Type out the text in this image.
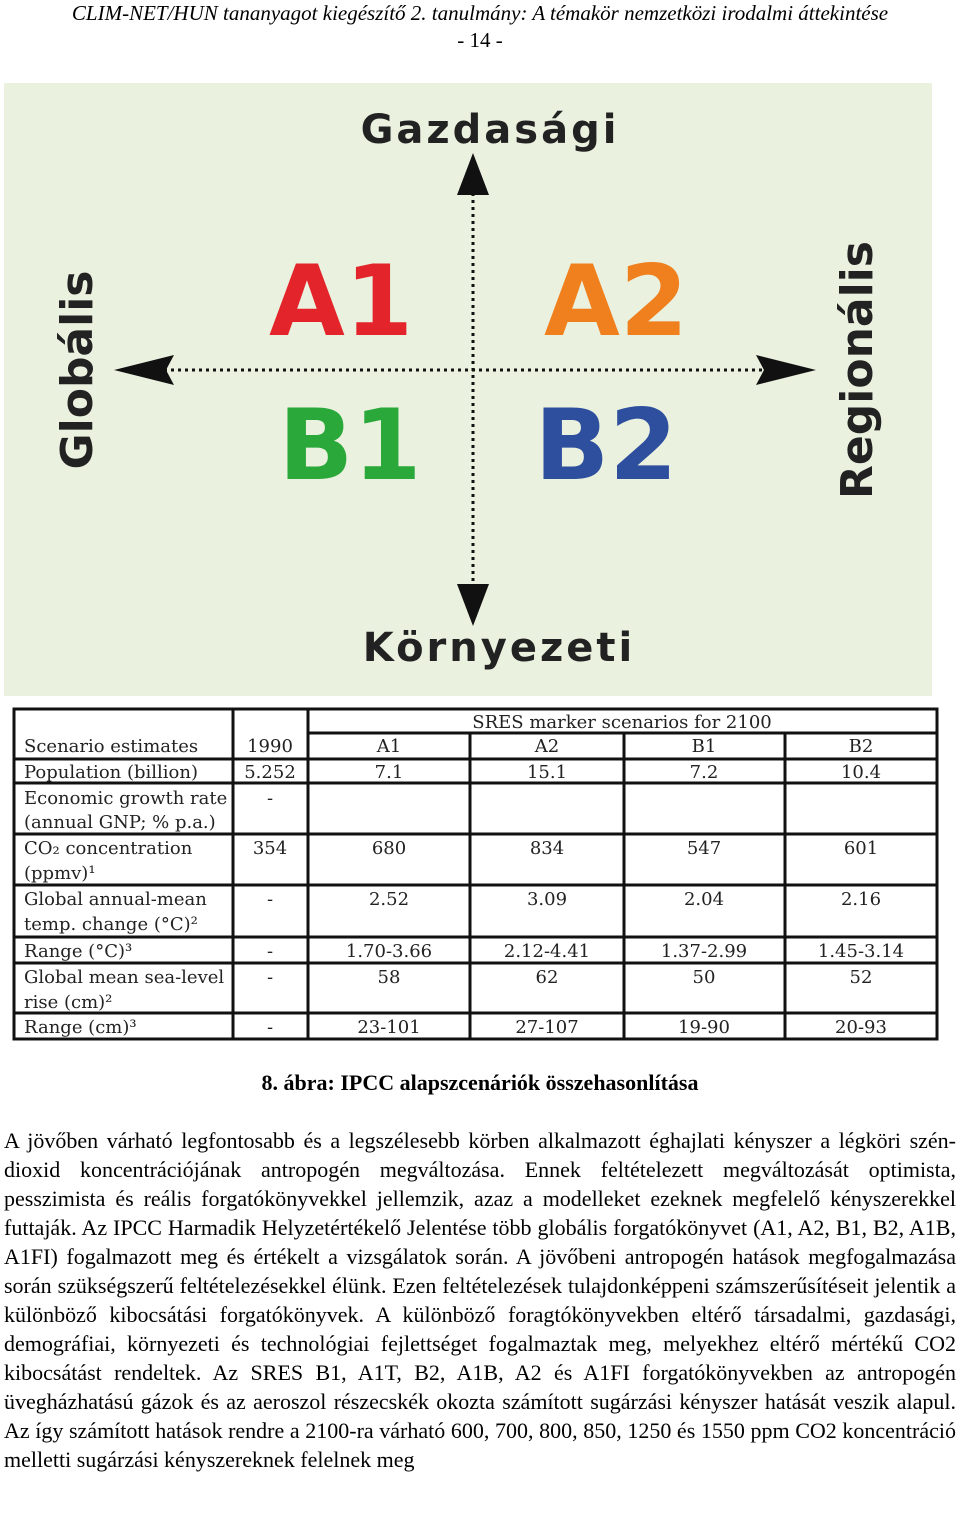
CLIM-NET/HUN tananyagot kiegészítő 2. tanulmány: A témakör nemzetközi irodalmi áttekintése
- 14 -
Gazdasági
Környezeti
Globális	Regionális
A1 A2
B1 B2
SRES marker scenarios for 2100
Scenario estimates	1990	A1	A2	B1	B2
Population (billion)	5.252	7.1	15.1	7.2	10.4
Economic growth rate
(annual GNP; % p.a.)
-
CO₂ concentration
(ppmv)¹
354	680	834	547	601
Global annual-mean
temp. change (°C)²
-	2.52	3.09	2.04	2.16
Range (°C)³	-	1.70-3.66	2.12-4.41	1.37-2.99	1.45-3.14
Global mean sea-level
rise (cm)²
-	58	62	50	52
Range (cm)³	-	23-101	27-107	19-90	20-93
8. ábra: IPCC alapszcenáriók összehasonlítása
A jövőben várható legfontosabb és a legszélesebb körben alkalmazott éghajlati kényszer a légköri szén-dioxid koncentrációjának antropogén megváltozása. Ennek feltételezett megváltozását optimista, pesszimista és reális forgatókönyvekkel jellemzik, azaz a modelleket ezeknek megfelelő kényszerekkel futtaják. Az IPCC Harmadik Helyzetértékelő Jelentése több globális forgatókönyvet (A1, A2, B1, B2, A1B, A1FI) fogalmazott meg és értékelt a vizsgálatok során. A jövőbeni antropogén hatások megfogalmazása során szükségszerű feltételezésekkel élünk. Ezen feltételezések tulajdonképpeni számszerűsítéseit jelentik a különböző kibocsátási forgatókönyvek. A különböző foragtókönyvekben eltérő társadalmi, gazdasági, demográfiai, környezeti és technológiai fejlettséget fogalmaztak meg, melyekhez eltérő mértékű CO2 kibocsátást rendeltek. Az SRES B1, A1T, B2, A1B, A2 és A1FI forgatókönyvekben az antropogén üvegházhatású gázok és az aeroszol részecskék okozta számított sugárzási kényszer hatását veszik alapul. Az így számított hatások rendre a 2100-ra várható 600, 700, 800, 850, 1250 és 1550 ppm CO2 koncentráció melletti sugárzási kényszereknek felelnek meg
